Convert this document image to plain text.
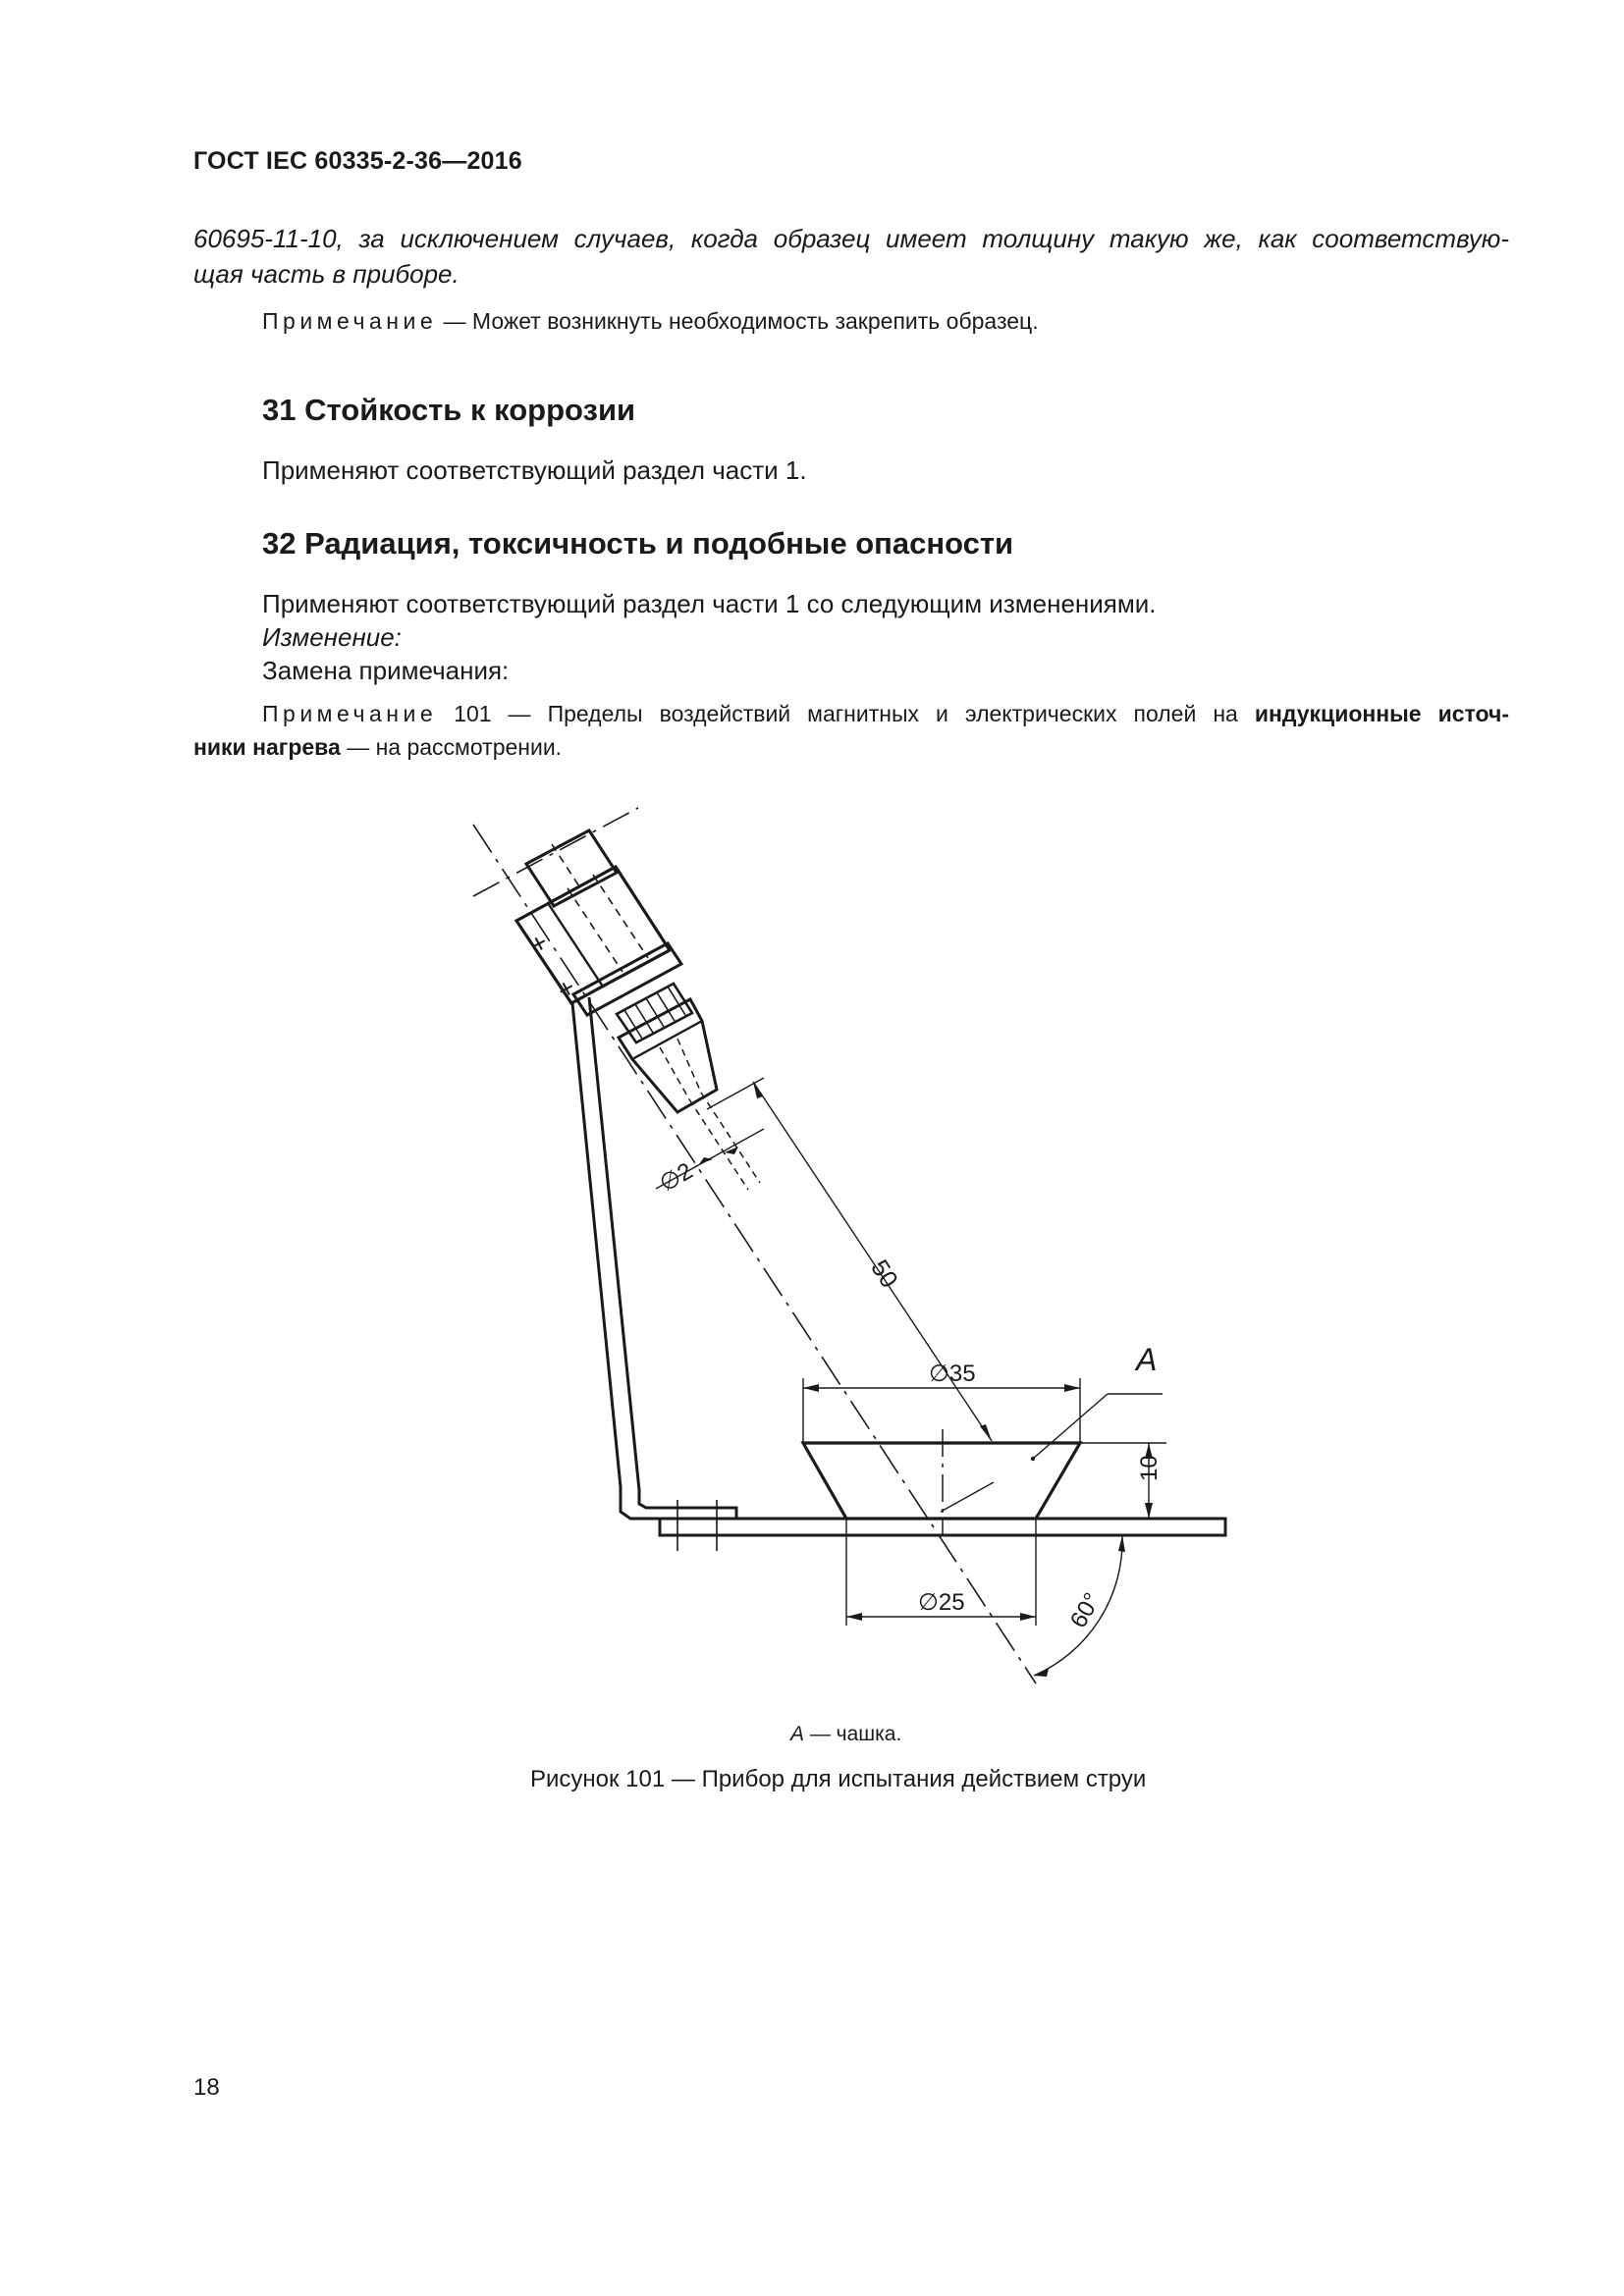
ГОСТ IEC 60335-2-36—2016
60695-11-10, за исключением случаев, когда образец имеет толщину такую же, как соответствую-
щая часть в приборе.
Примечание — Может возникнуть необходимость закрепить образец.
31 Стойкость к коррозии
Применяют соответствующий раздел части 1.
32 Радиация, токсичность и подобные опасности
Применяют соответствующий раздел части 1 со следующим изменениями.
Изменение:
Замена примечания:
Примечание 101 — Пределы воздействий магнитных и электрических полей на индукционные источ-
ники нагрева — на рассмотрении.
+
+
∅2
50
∅35
10
∅25	60°
A
A — чашка.
Рисунок 101 — Прибор для испытания действием струи
18
